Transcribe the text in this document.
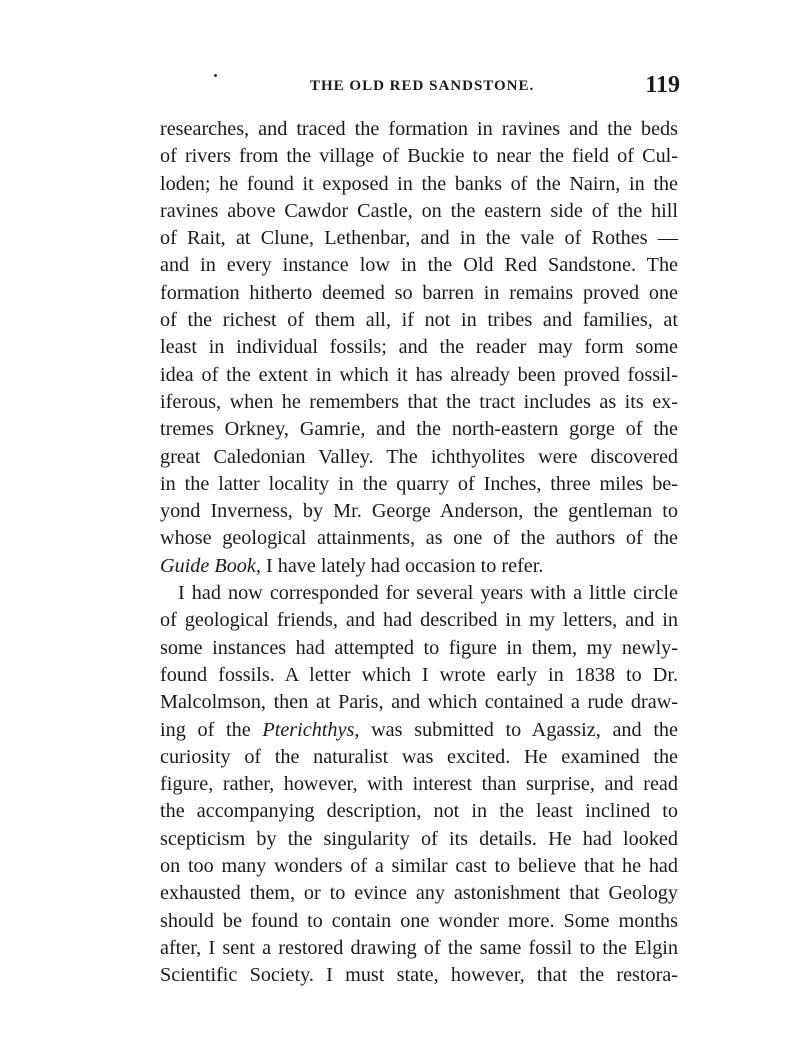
THE OLD RED SANDSTONE.	119
researches, and traced the formation in ravines and the beds
of rivers from the village of Buckie to near the field of Cul-
loden; he found it exposed in the banks of the Nairn, in the
ravines above Cawdor Castle, on the eastern side of the hill
of Rait, at Clune, Lethenbar, and in the vale of Rothes —
and in every instance low in the Old Red Sandstone. The
formation hitherto deemed so barren in remains proved one
of the richest of them all, if not in tribes and families, at
least in individual fossils; and the reader may form some
idea of the extent in which it has already been proved fossil-
iferous, when he remembers that the tract includes as its ex-
tremes Orkney, Gamrie, and the north-eastern gorge of the
great Caledonian Valley. The ichthyolites were discovered
in the latter locality in the quarry of Inches, three miles be-
yond Inverness, by Mr. George Anderson, the gentleman to
whose geological attainments, as one of the authors of the
Guide Book, I have lately had occasion to refer.
I had now corresponded for several years with a little circle
of geological friends, and had described in my letters, and in
some instances had attempted to figure in them, my newly-
found fossils. A letter which I wrote early in 1838 to Dr.
Malcolmson, then at Paris, and which contained a rude draw-
ing of the Pterichthys, was submitted to Agassiz, and the
curiosity of the naturalist was excited. He examined the
figure, rather, however, with interest than surprise, and read
the accompanying description, not in the least inclined to
scepticism by the singularity of its details. He had looked
on too many wonders of a similar cast to believe that he had
exhausted them, or to evince any astonishment that Geology
should be found to contain one wonder more. Some months
after, I sent a restored drawing of the same fossil to the Elgin
Scientific Society. I must state, however, that the restora-
